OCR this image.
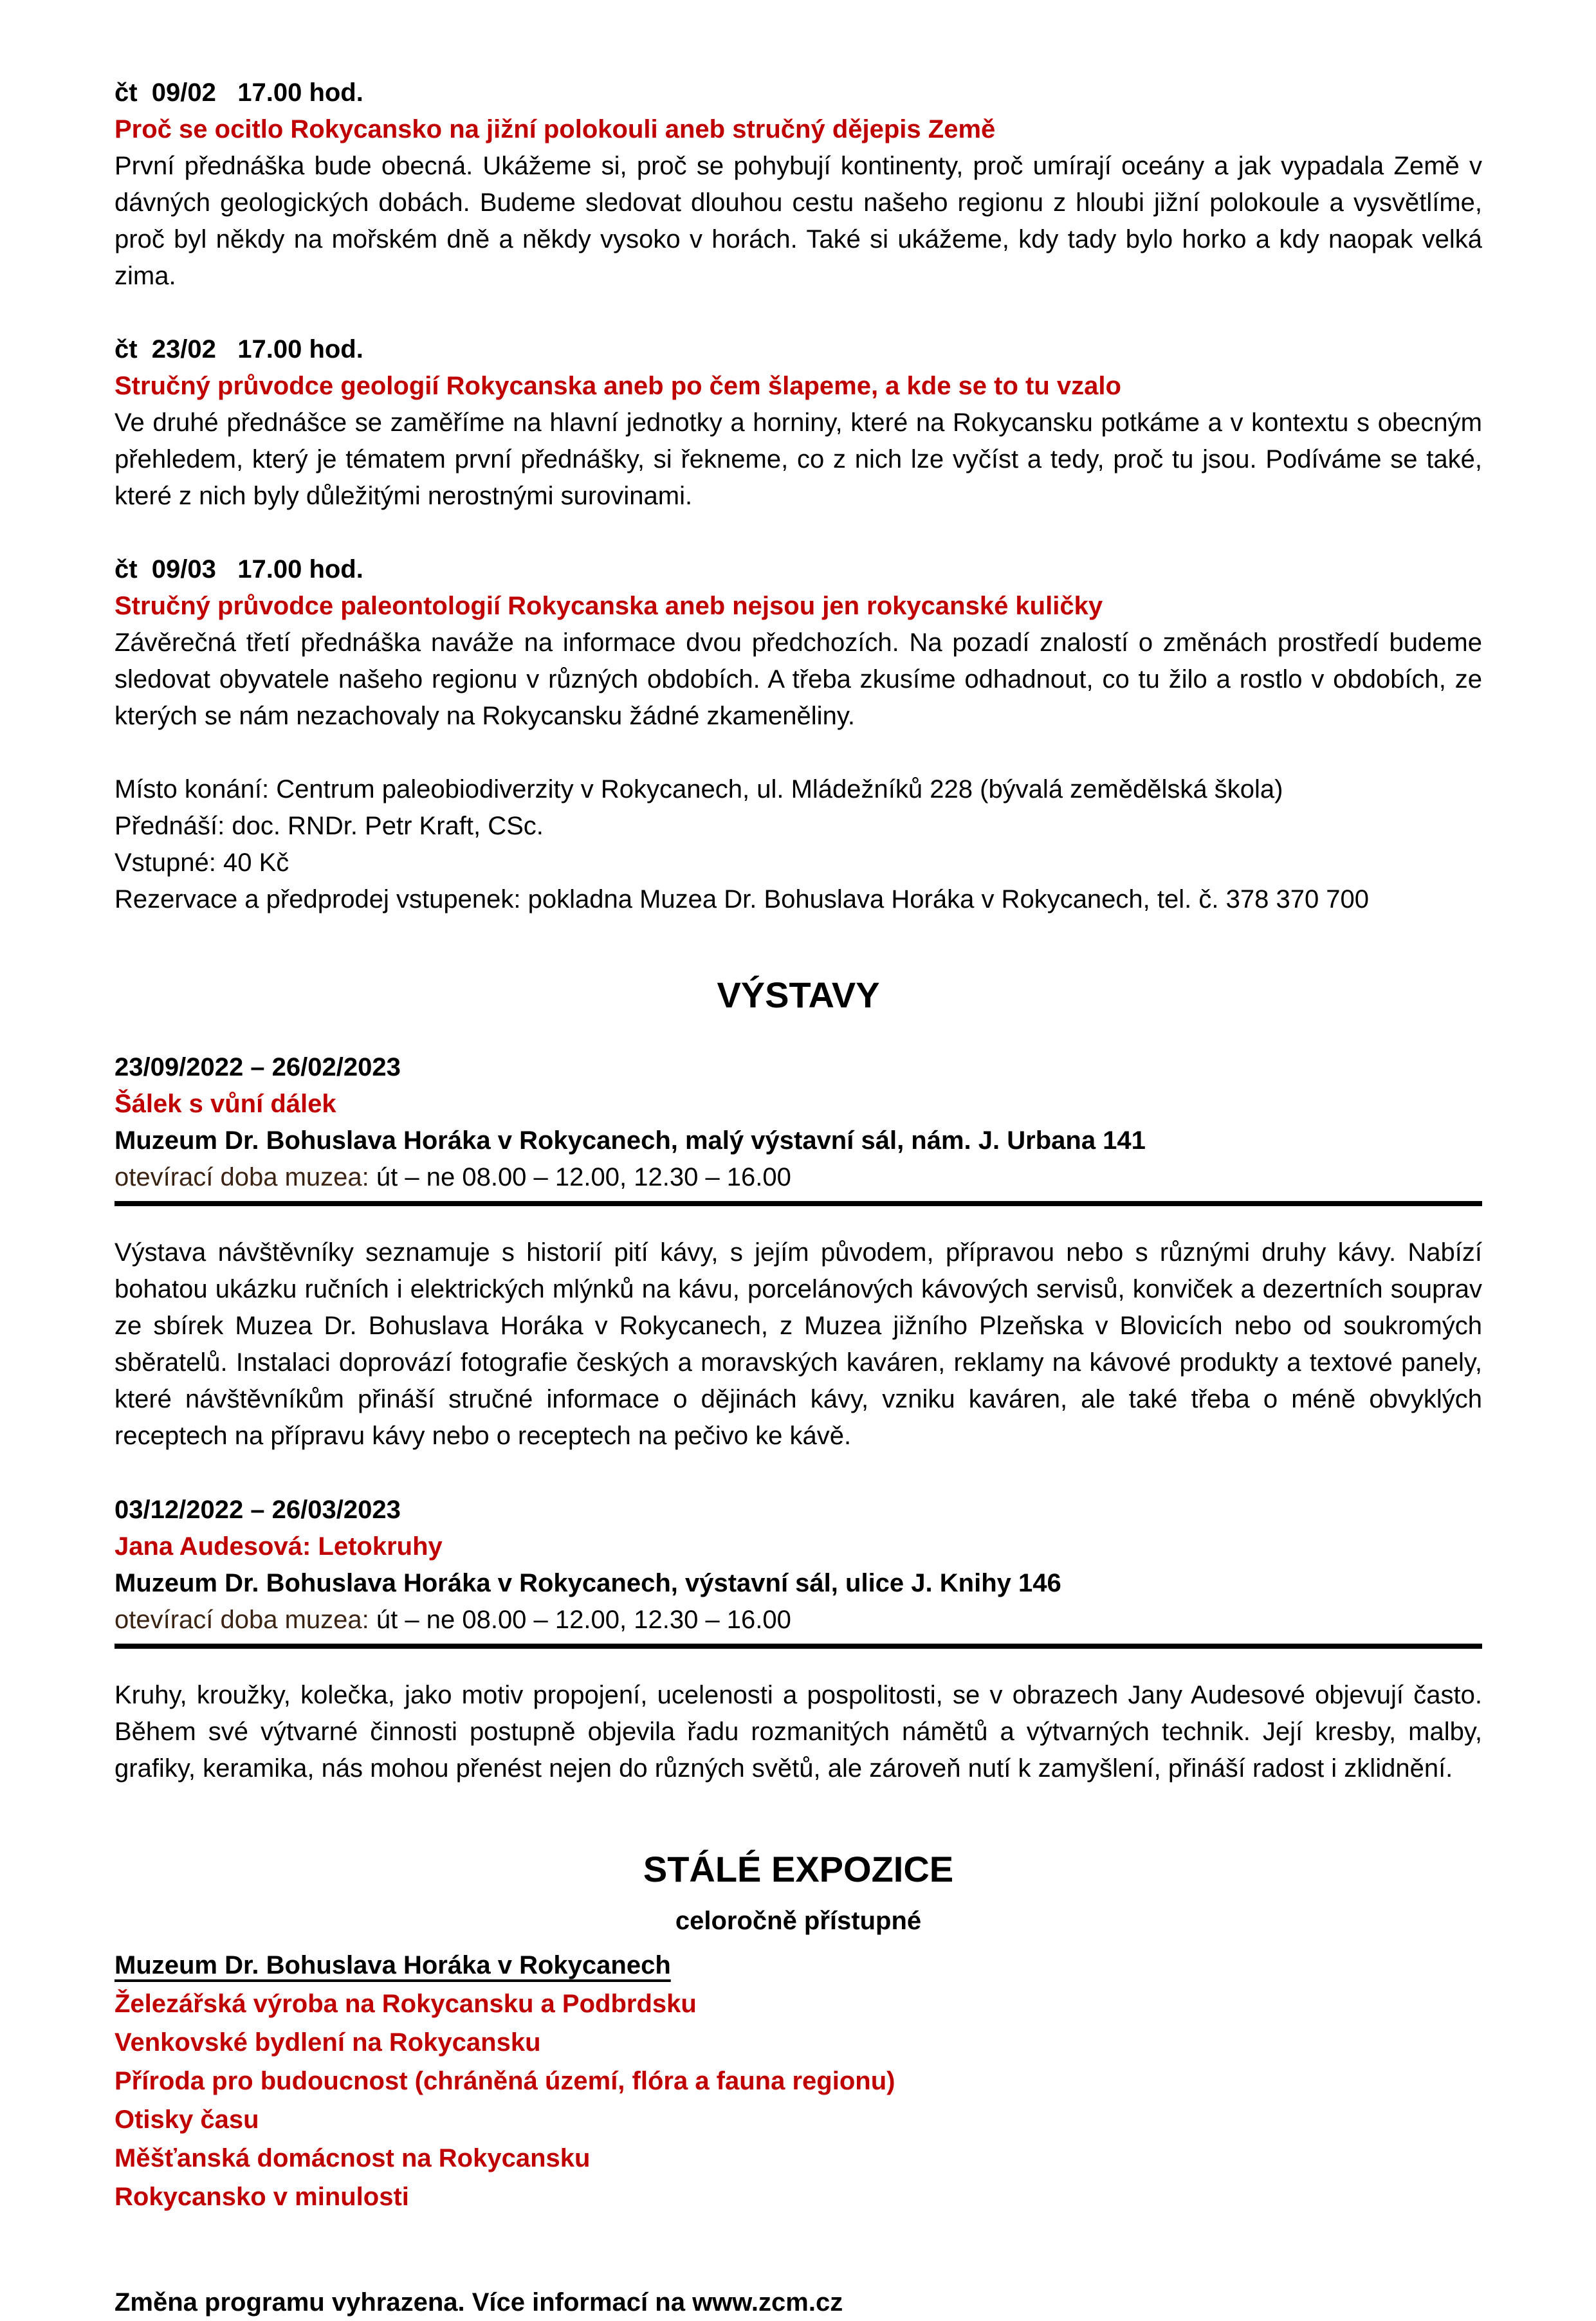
čt  09/02   17.00 hod.
Proč se ocitlo Rokycansko na jižní polokouli aneb stručný dějepis Země

První přednáška bude obecná. Ukážeme si, proč se pohybují kontinenty, proč umírají oceány a jak vypadala Země v dávných geologických dobách. Budeme sledovat dlouhou cestu našeho regionu z hloubi jižní polokoule a vysvětlíme, proč byl někdy na mořském dně a někdy vysoko v horách. Také si ukážeme, kdy tady bylo horko a kdy naopak velká zima.

čt  23/02   17.00 hod.
Stručný průvodce geologií Rokycanska aneb po čem šlapeme, a kde se to tu vzalo

Ve druhé přednášce se zaměříme na hlavní jednotky a horniny, které na Rokycansku potkáme a v kontextu s obecným přehledem, který je tématem první přednášky, si řekneme, co z nich lze vyčíst a tedy, proč tu jsou. Podíváme se také, které z nich byly důležitými nerostnými surovinami.

čt  09/03   17.00 hod.
Stručný průvodce paleontologií Rokycanska aneb nejsou jen rokycanské kuličky

Závěrečná třetí přednáška naváže na informace dvou předchozích. Na pozadí znalostí o změnách prostředí budeme sledovat obyvatele našeho regionu v různých obdobích. A třeba zkusíme odhadnout, co tu žilo a rostlo v obdobích, ze kterých se nám nezachovaly na Rokycansku žádné zkameněliny.

Místo konání: Centrum paleobiodiverzity v Rokycanech, ul. Mládežníků 228 (bývalá zemědělská škola)
Přednáší: doc. RNDr. Petr Kraft, CSc.
Vstupné: 40 Kč
Rezervace a předprodej vstupenek: pokladna Muzea Dr. Bohuslava Horáka v Rokycanech, tel. č. 378 370 700
VÝSTAVY
23/09/2022 – 26/02/2023
Šálek s vůní dálek
Muzeum Dr. Bohuslava Horáka v Rokycanech, malý výstavní sál, nám. J. Urbana 141
otevírací doba muzea: út – ne 08.00 – 12.00, 12.30 – 16.00

Výstava návštěvníky seznamuje s historií pití kávy, s jejím původem, přípravou nebo s různými druhy kávy. Nabízí bohatou ukázku ručních i elektrických mlýnků na kávu, porcelánových kávových servisů, konviček a dezertních souprav ze sbírek Muzea Dr. Bohuslava Horáka v Rokycanech, z Muzea jižního Plzeňska v Blovicích nebo od soukromých sběratelů. Instalaci doprovází fotografie českých a moravských kaváren, reklamy na kávové produkty a textové panely, které návštěvníkům přináší stručné informace o dějinách kávy, vzniku kaváren, ale také třeba o méně obvyklých receptech na přípravu kávy nebo o receptech na pečivo ke kávě.

03/12/2022 – 26/03/2023
Jana Audesová: Letokruhy
Muzeum Dr. Bohuslava Horáka v Rokycanech, výstavní sál, ulice J. Knihy 146
otevírací doba muzea: út – ne 08.00 – 12.00, 12.30 – 16.00

Kruhy, kroužky, kolečka, jako motiv propojení, ucelenosti a pospolitosti, se v obrazech Jany Audesové objevují často. Během své výtvarné činnosti postupně objevila řadu rozmanitých námětů a výtvarných technik. Její kresby, malby, grafiky, keramika, nás mohou přenést nejen do různých světů, ale zároveň nutí k zamyšlení, přináší radost i zklidnění.

STÁLÉ EXPOZICE
celoročně přístupné
Muzeum Dr. Bohuslava Horáka v Rokycanech
Železářská výroba na Rokycansku a Podbrdsku
Venkovské bydlení na Rokycansku
Příroda pro budoucnost (chráněná území, flóra a fauna regionu)
Otisky času
Měšťanská domácnost na Rokycansku
Rokycansko v minulosti
Změna programu vyhrazena. Více informací na www.zcm.cz
